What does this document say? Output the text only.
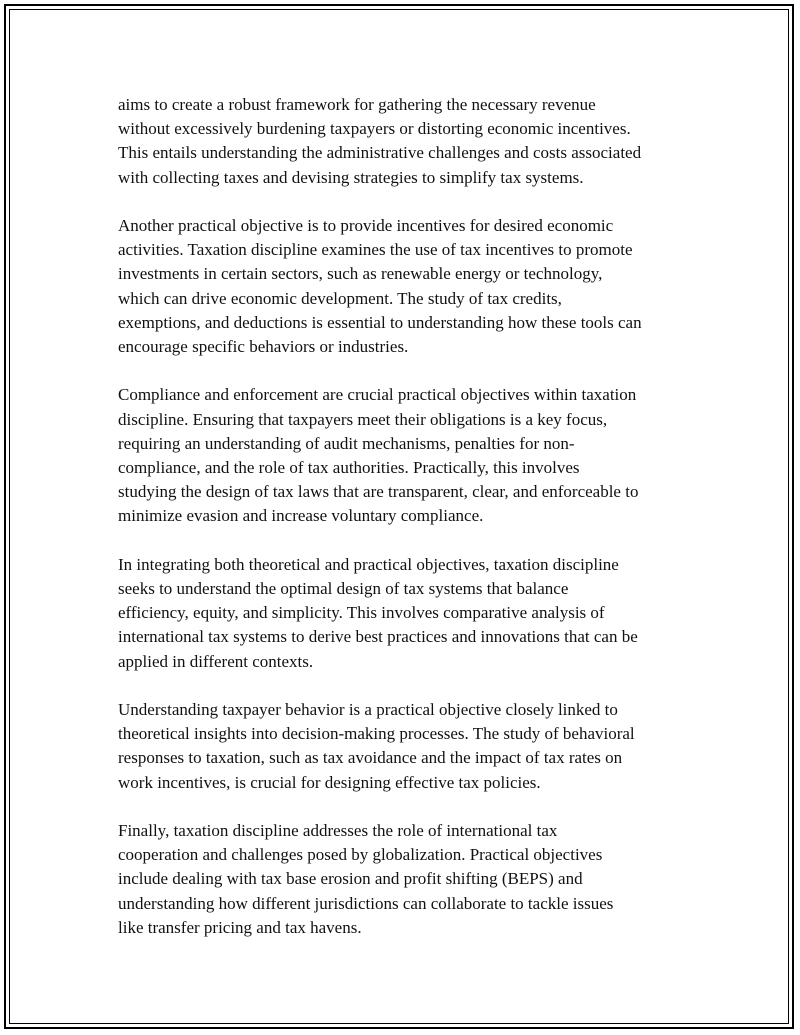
aims to create a robust framework for gathering the necessary revenue
without excessively burdening taxpayers or distorting economic incentives.
This entails understanding the administrative challenges and costs associated
with collecting taxes and devising strategies to simplify tax systems.

Another practical objective is to provide incentives for desired economic
activities. Taxation discipline examines the use of tax incentives to promote
investments in certain sectors, such as renewable energy or technology,
which can drive economic development. The study of tax credits,
exemptions, and deductions is essential to understanding how these tools can
encourage specific behaviors or industries.

Compliance and enforcement are crucial practical objectives within taxation
discipline. Ensuring that taxpayers meet their obligations is a key focus,
requiring an understanding of audit mechanisms, penalties for non-
compliance, and the role of tax authorities. Practically, this involves
studying the design of tax laws that are transparent, clear, and enforceable to
minimize evasion and increase voluntary compliance.

In integrating both theoretical and practical objectives, taxation discipline
seeks to understand the optimal design of tax systems that balance
efficiency, equity, and simplicity. This involves comparative analysis of
international tax systems to derive best practices and innovations that can be
applied in different contexts.

Understanding taxpayer behavior is a practical objective closely linked to
theoretical insights into decision-making processes. The study of behavioral
responses to taxation, such as tax avoidance and the impact of tax rates on
work incentives, is crucial for designing effective tax policies.

Finally, taxation discipline addresses the role of international tax
cooperation and challenges posed by globalization. Practical objectives
include dealing with tax base erosion and profit shifting (BEPS) and
understanding how different jurisdictions can collaborate to tackle issues
like transfer pricing and tax havens.
